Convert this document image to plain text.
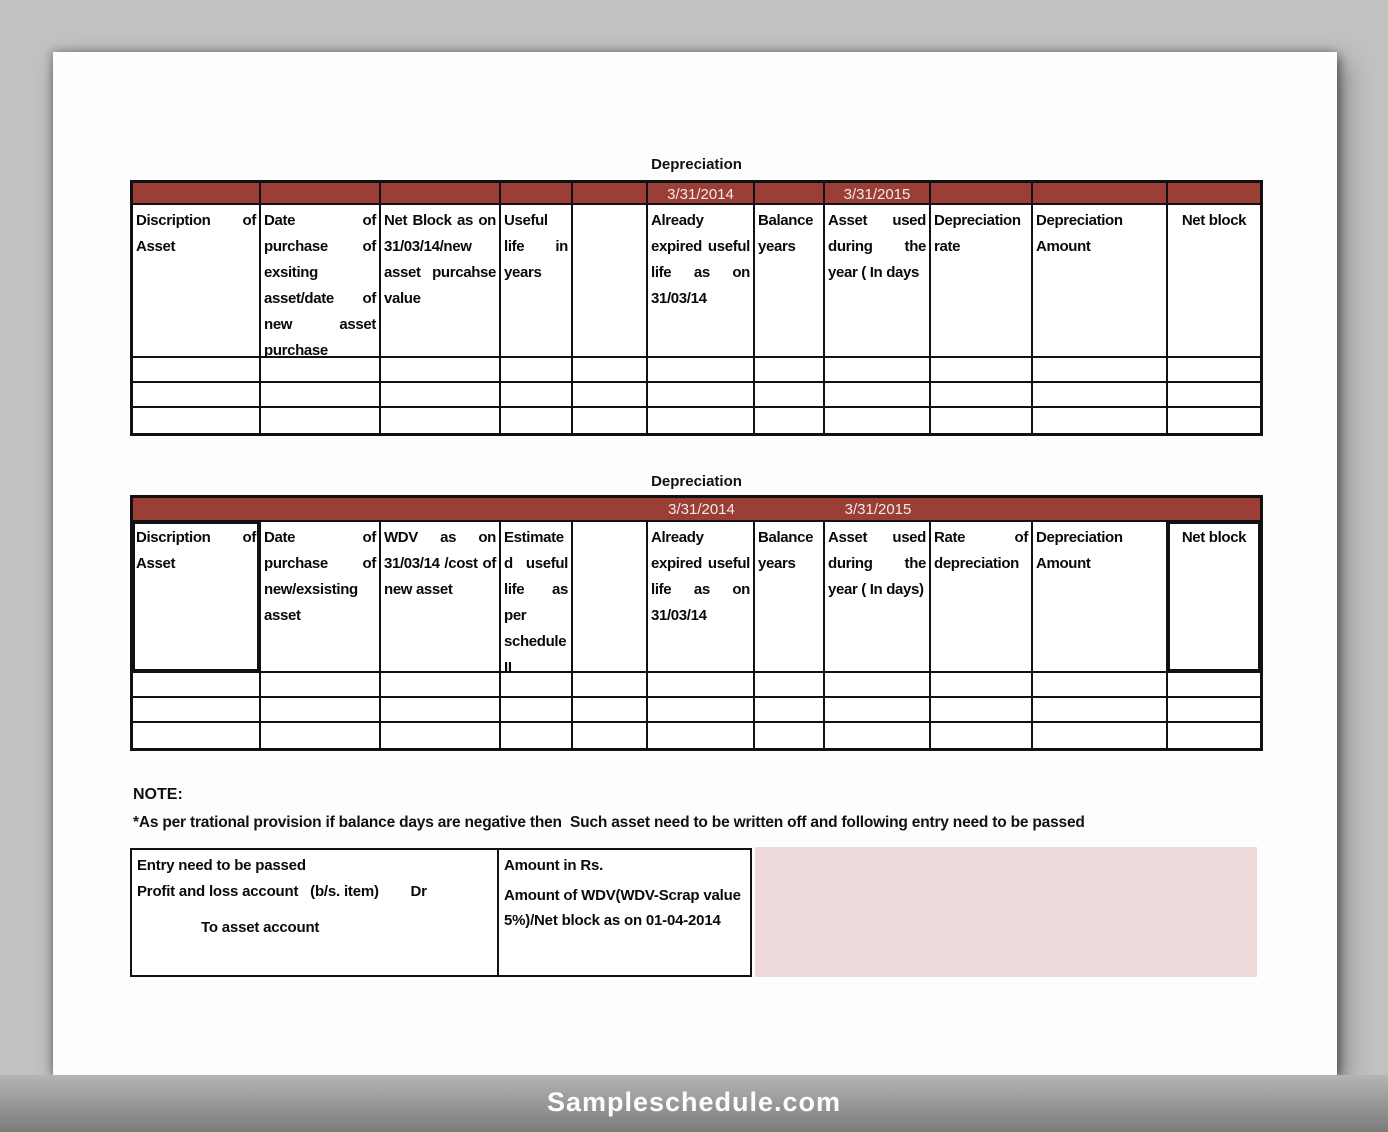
Depreciation
3/31/2014	3/31/2015
Discription of Asset
Date of purchase of exsiting asset/date of new asset purchase
Net Block as on 31/03/14/new asset purcahse value
Useful life in years
Already expired useful life as on 31/03/14
Balance years
Asset used during the year ( In days
Depreciation rate
Depreciation Amount
Net block
Depreciation
3/31/2014	3/31/2015
Discription of Asset
Date of purchase of new/exsisting asset
WDV as on 31/03/14 /cost of new asset
Estimated useful life as per schedule II
Already expired useful life as on 31/03/14
Balance years
Asset used during the year ( In days)
Rate of depreciation
Depreciation Amount
Net block
NOTE:
*As per trational provision if balance days are negative then  Such asset need to be written off and following entry need to be passed
Entry need to be passed
Profit and loss account   (b/s. item)        Dr
To asset account
Amount in Rs.
Amount of WDV(WDV-Scrap value 5%)/Net block as on 01-04-2014
Sampleschedule.com
